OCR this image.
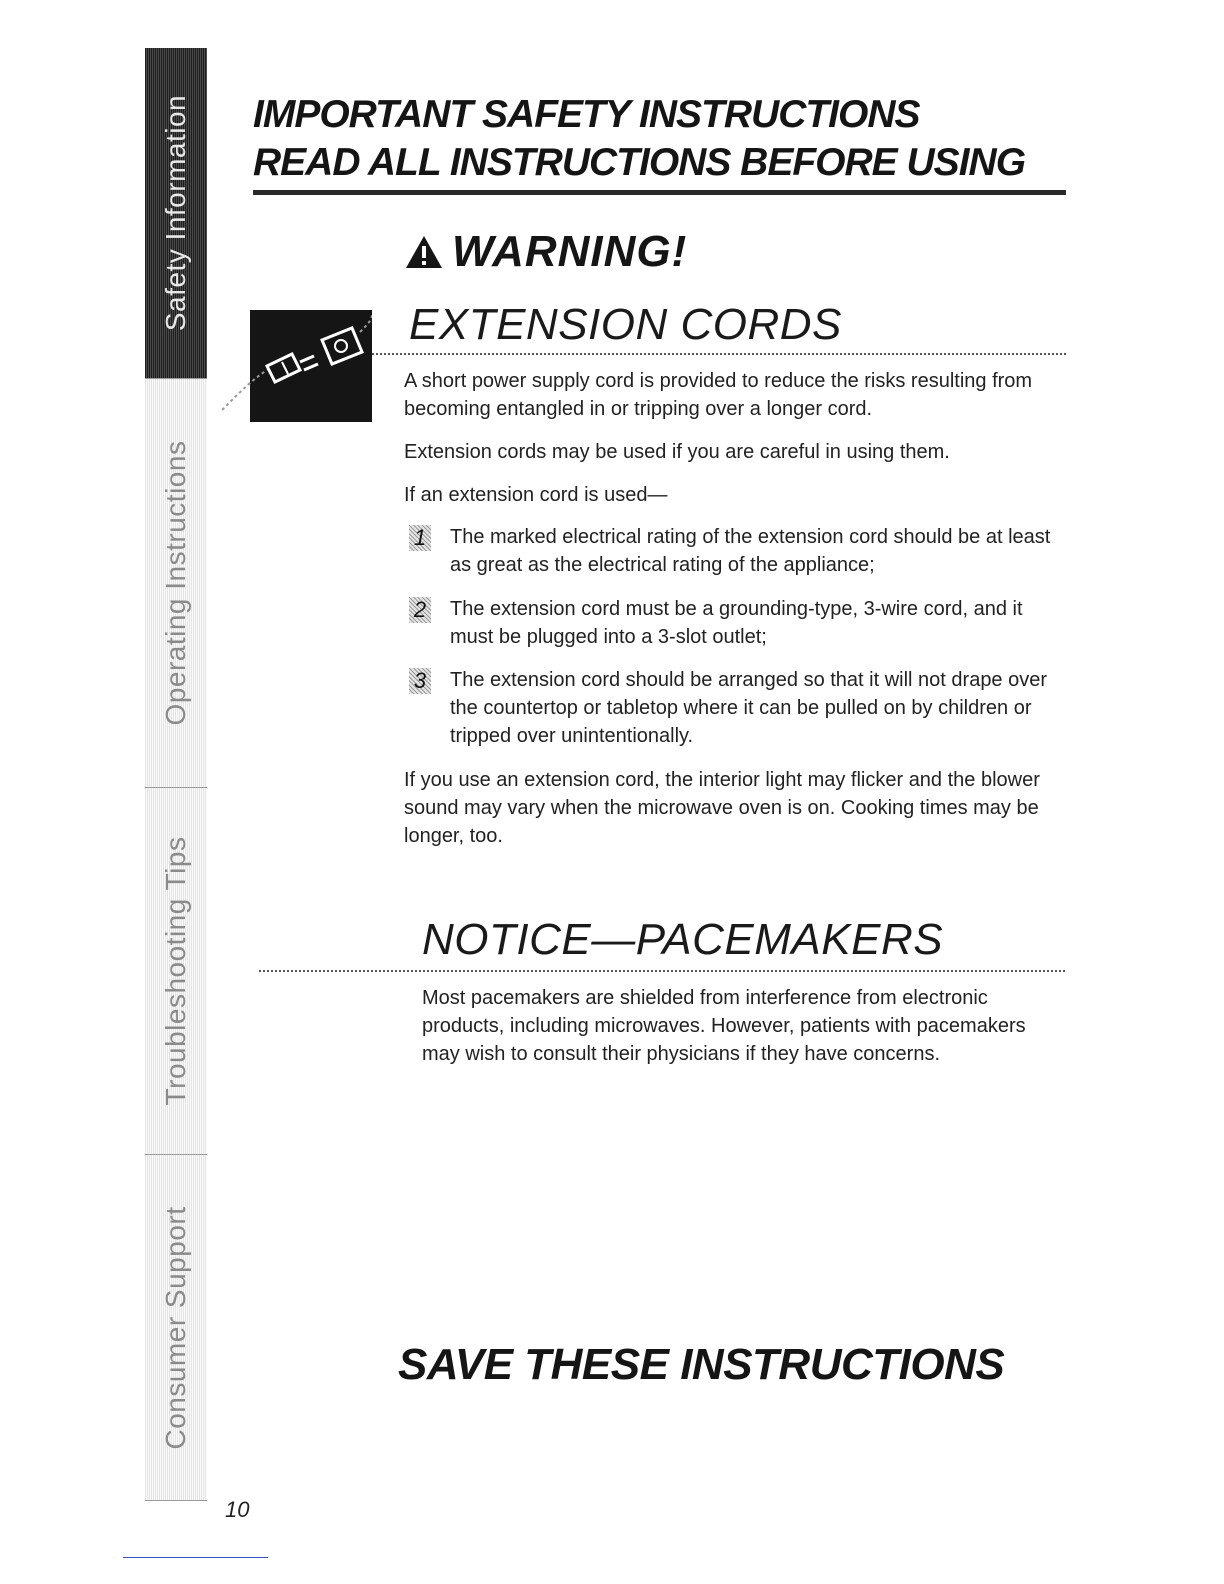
Safety Information
Operating Instructions
Troubleshooting Tips
Consumer Support
IMPORTANT SAFETY INSTRUCTIONS
READ ALL INSTRUCTIONS BEFORE USING
WARNING!
EXTENSION CORDS

A short power supply cord is provided to reduce the risks resulting from becoming entangled in or tripping over a longer cord.

Extension cords may be used if you are careful in using them.

If an extension cord is used—

1 The marked electrical rating of the extension cord should be at least as great as the electrical rating of the appliance;

2 The extension cord must be a grounding-type, 3-wire cord, and it must be plugged into a 3-slot outlet;

3 The extension cord should be arranged so that it will not drape over the countertop or tabletop where it can be pulled on by children or tripped over unintentionally.

If you use an extension cord, the interior light may flicker and the blower sound may vary when the microwave oven is on. Cooking times may be longer, too.

NOTICE—PACEMAKERS

Most pacemakers are shielded from interference from electronic products, including microwaves. However, patients with pacemakers may wish to consult their physicians if they have concerns.

SAVE THESE INSTRUCTIONS
10
